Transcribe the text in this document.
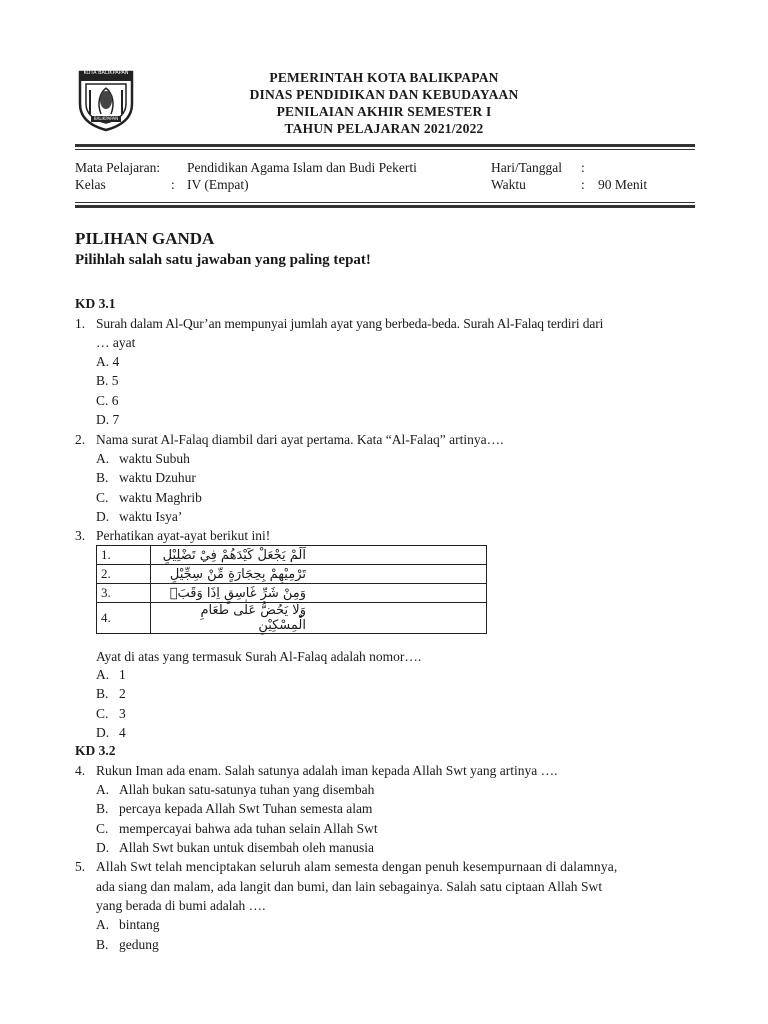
KOTA BALIKPAPAN
BALIKPAPAN
PEMERINTAH KOTA BALIKPAPAN
DINAS PENDIDIKAN DAN KEBUDAYAAN
PENILAIAN AKHIR SEMESTER I
TAHUN PELAJARAN 2021/2022
Mata Pelajaran: Pendidikan Agama Islam dan Budi Pekerti
Kelas	: IV (Empat)
Hari/Tanggal :
Waktu	: 90 Menit
PILIHAN GANDA
Pilihlah salah satu jawaban yang paling tepat!
KD 3.1
1. Surah dalam Al-Qur’an mempunyai jumlah ayat yang berbeda-beda. Surah Al-Falaq terdiri dari
… ayat
A. 4
B. 5
C. 6
D. 7
2. Nama surat Al-Falaq diambil dari ayat pertama. Kata “Al-Falaq” artinya….
A. waktu Subuh
B. waktu Dzuhur
C. waktu Maghrib
D. waktu Isya’
3. Perhatikan ayat-ayat berikut ini!
1.	اَلَمْ يَجْعَلْ كَيْدَهُمْ فِيْ تَضْلِيْلٍ
2.	تَرْمِيْهِمْ بِحِجَارَةٍ مِّنْ سِجِّيْلٍ
3.	وَمِنْ شَرِّ غَاسِقٍ اِذَا وَقَبَۙ
4.	وَلَا يَحُضُّ عَلٰى طَعَامِ الْمِسْكِيْنِ
Ayat di atas yang termasuk Surah Al-Falaq adalah nomor….
A. 1
B. 2
C. 3
D. 4
KD 3.2
4. Rukun Iman ada enam. Salah satunya adalah iman kepada Allah Swt yang artinya ….
A. Allah bukan satu-satunya tuhan yang disembah
B. percaya kepada Allah Swt Tuhan semesta alam
C. mempercayai bahwa ada tuhan selain Allah Swt
D. Allah Swt bukan untuk disembah oleh manusia
5. Allah Swt telah menciptakan seluruh alam semesta dengan penuh kesempurnaan di dalamnya,
ada siang dan malam, ada langit dan bumi, dan lain sebagainya. Salah satu ciptaan Allah Swt
yang berada di bumi adalah ….
A. bintang
B. gedung
